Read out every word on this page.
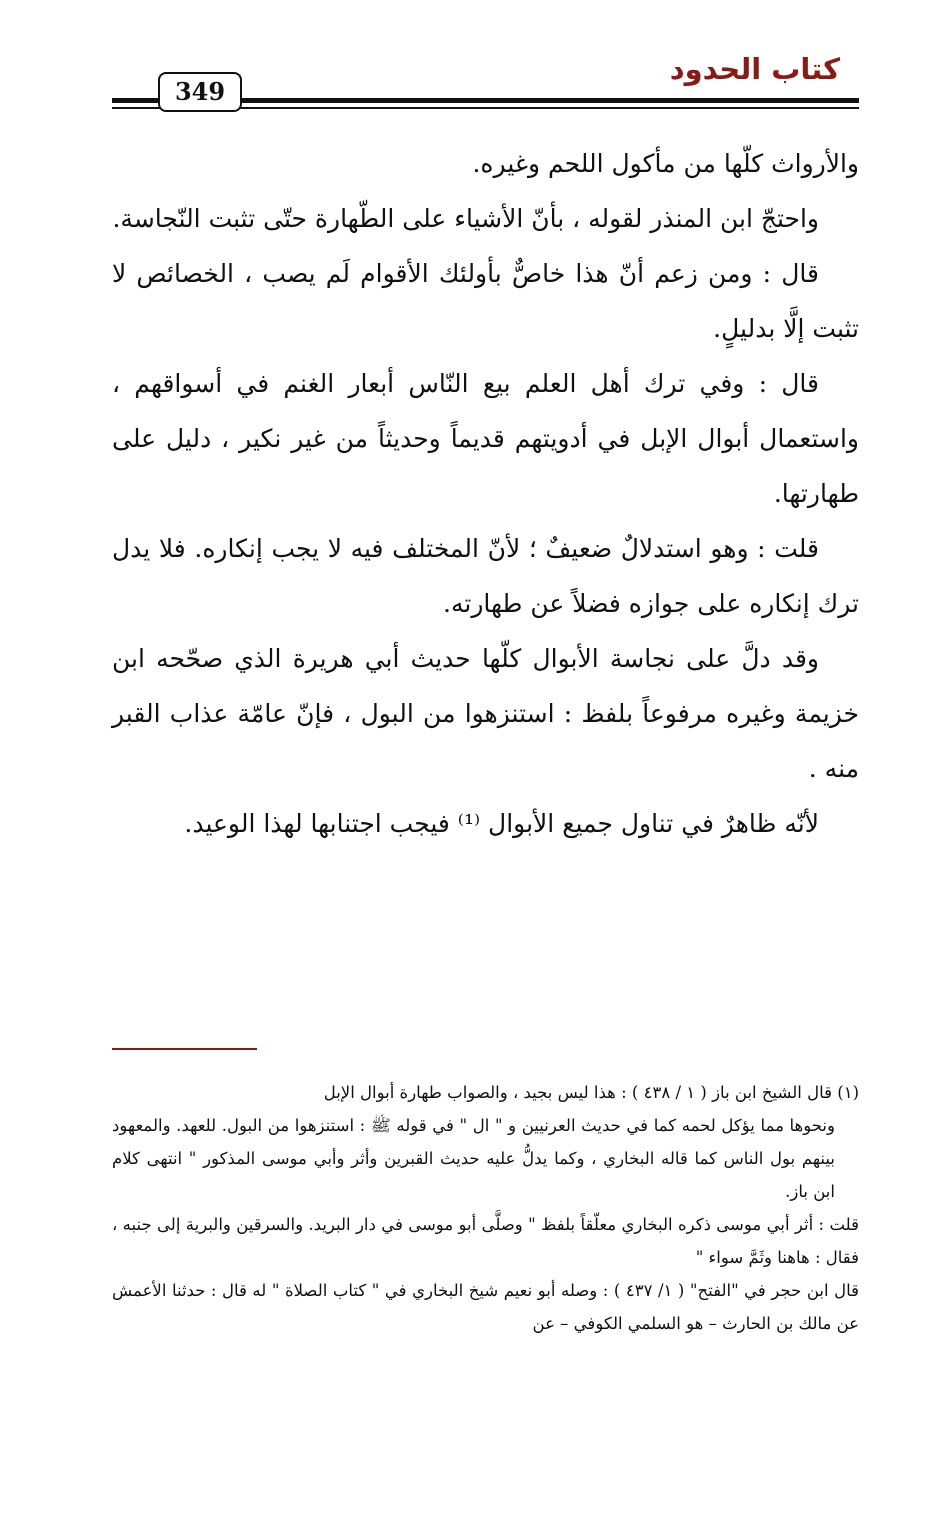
كتاب الحدود
349

والأرواث كلّها من مأكول اللحم وغيره.

واحتجّ ابن المنذر لقوله ، بأنّ الأشياء على الطّهارة حتّى تثبت النّجاسة.

قال : ومن زعم أنّ هذا خاصٌّ بأولئك الأقوام لَم يصب ، الخصائص لا تثبت إلَّا بدليلٍ.

قال : وفي ترك أهل العلم بيع النّاس أبعار الغنم في أسواقهم ، واستعمال أبوال الإبل في أدويتهم قديماً وحديثاً من غير نكير ، دليل على طهارتها.

قلت : وهو استدلالٌ ضعيفٌ ؛ لأنّ المختلف فيه لا يجب إنكاره. فلا يدل ترك إنكاره على جوازه فضلاً عن طهارته.

وقد دلَّ على نجاسة الأبوال كلّها حديث أبي هريرة الذي صحّحه ابن خزيمة وغيره مرفوعاً بلفظ : استنزهوا من البول ، فإنّ عامّة عذاب القبر منه .

لأنّه ظاهرٌ في تناول جميع الأبوال ⁽¹⁾ فيجب اجتنابها لهذا الوعيد.

(١) قال الشيخ ابن باز ( ١ / ٤٣٨ ) : هذا ليس بجيد ، والصواب طهارة أبوال الإبل

ونحوها مما يؤكل لحمه كما في حديث العرنيين و " ال " في قوله ﷺ : استنزهوا من البول. للعهد. والمعهود بينهم بول الناس كما قاله البخاري ، وكما يدلُّ عليه حديث القبرين وأثر وأبي موسى المذكور " انتهى كلام ابن باز.

قلت : أثر أبي موسى ذكره البخاري معلّقاً بلفظ " وصلَّى أبو موسى في دار البريد. والسرقين والبرية إلى جنبه ، فقال : هاهنا وثَمَّ سواء "

قال ابن حجر في "الفتح" ( ١/ ٤٣٧ ) : وصله أبو نعيم شيخ البخاري في " كتاب الصلاة " له قال : حدثنا الأعمش عن مالك بن الحارث – هو السلمي الكوفي – عن
